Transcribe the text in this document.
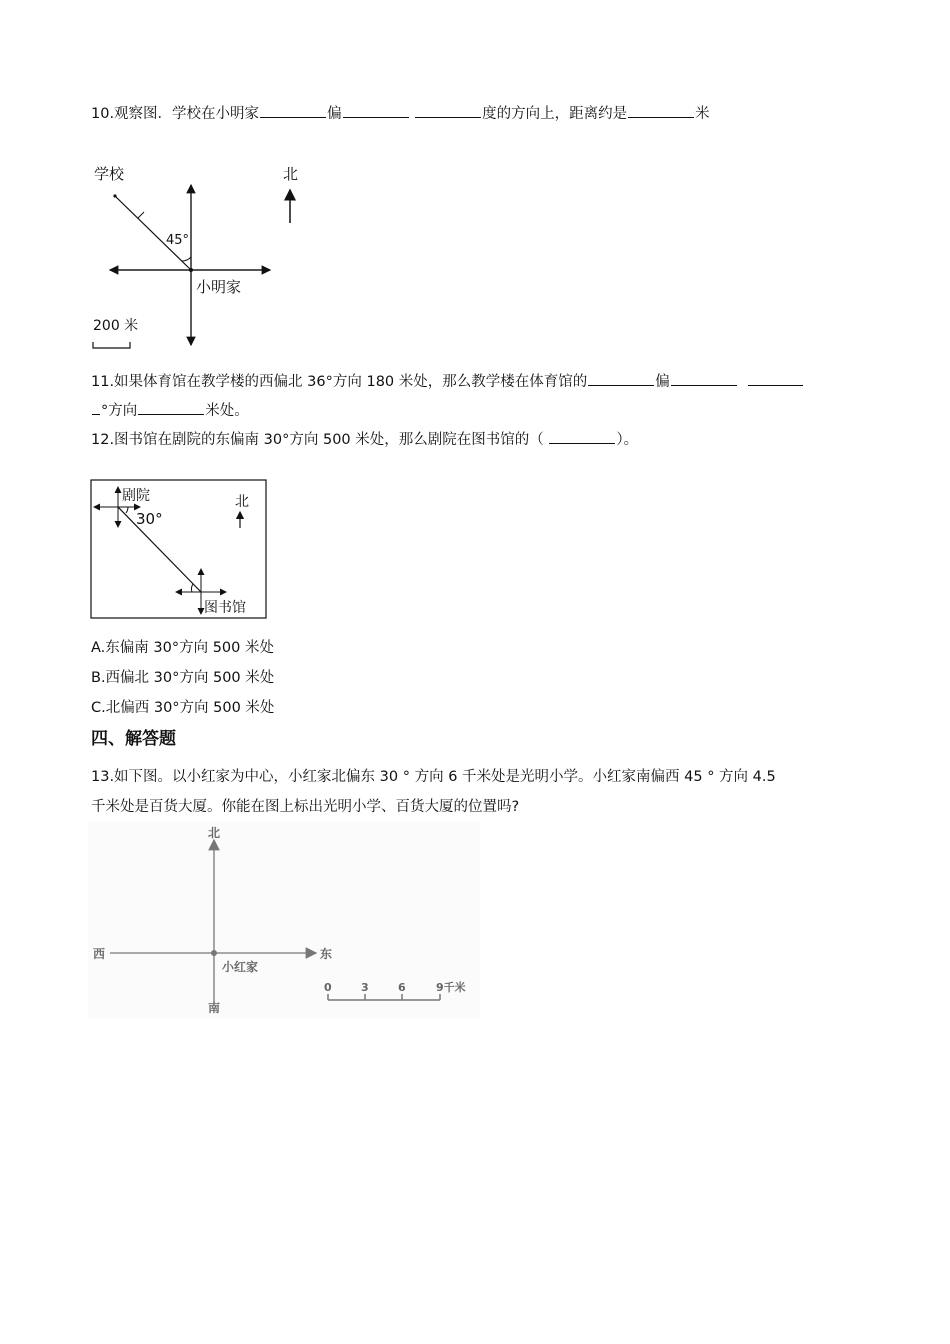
10.观察图．学校在小明家	偏	度的方向上，距离约是	米
学校	北
45°
小明家
200 米
11.如果体育馆在教学楼的西偏北 36°方向 180 米处，那么教学楼在体育馆的	偏
°方向	米处。
12.图书馆在剧院的东偏南 30°方向 500 米处，那么剧院在图书馆的（	）。
剧院
30°
北
图书馆
A.东偏南 30°方向 500 米处
B.西偏北 30°方向 500 米处
C.北偏西 30°方向 500 米处
四、解答题
13.如下图。以小红家为中心，小红家北偏东 30 ° 方向 6 千米处是光明小学。小红家南偏西 45 ° 方向 4.5
千米处是百货大厦。你能在图上标出光明小学、百货大厦的位置吗?
北
南
东
西
小红家
0	3	6	9千米
